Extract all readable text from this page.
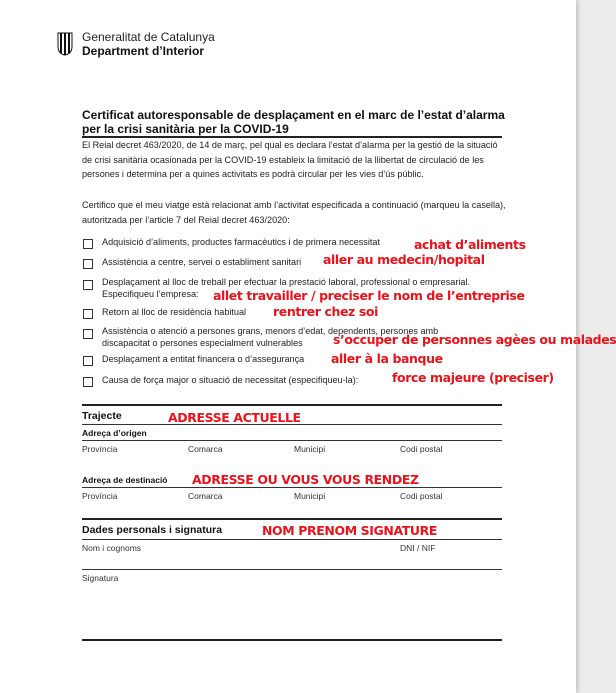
Generalitat de Catalunya
Department d’Interior
Certificat autoresponsable de desplaçament en el marc de l’estat d’alarma
per la crisi sanitària per la COVID-19
El Reial decret 463/2020, de 14 de març, pel qual es declara l’estat d’alarma per la gestió de la situació de crisi sanitària ocasionada per la COVID-19 estableix la limitació de la llibertat de circulació de les persones i determina per a quines activitats es podrà circular per les vies d’ús públic.
Certifico que el meu viatge està relacionat amb l’activitat especificada a continuació (marqueu la casella), autoritzada per l’article 7 del Reial decret 463/2020:
Adquisició d’aliments, productes farmacèutics i de primera necessitat	achat d’aliments
Assistència a centre, servei o establiment sanitari	aller au medecin/hopital
Desplaçament al lloc de treball per efectuar la prestació laboral, professional o empresarial.
Especifiqueu l’empresa:	allet travailler / preciser le nom de l’entreprise
Retorn al lloc de residència habitual	rentrer chez soi
Assistència o atenció a persones grans, menors d’edat, dependents, persones amb
discapacitat o persones especialment vulnerables	s’occuper de personnes agèes ou malades
Desplaçament a entitat financera o d’assegurança	aller à la banque
Causa de força major o situació de necessitat (especifiqueu-la):	force majeure (preciser)
Trajecte	ADRESSE ACTUELLE
Adreça d’origen
Província	Comarca	Municipi	Codi postal
Adreça de destinació ADRESSE OU VOUS VOUS RENDEZ
Província	Comarca	Municipi	Codi postal
Dades personals i signatura	NOM PRENOM SIGNATURE
Nom i cognoms	DNI / NIF
Signatura
